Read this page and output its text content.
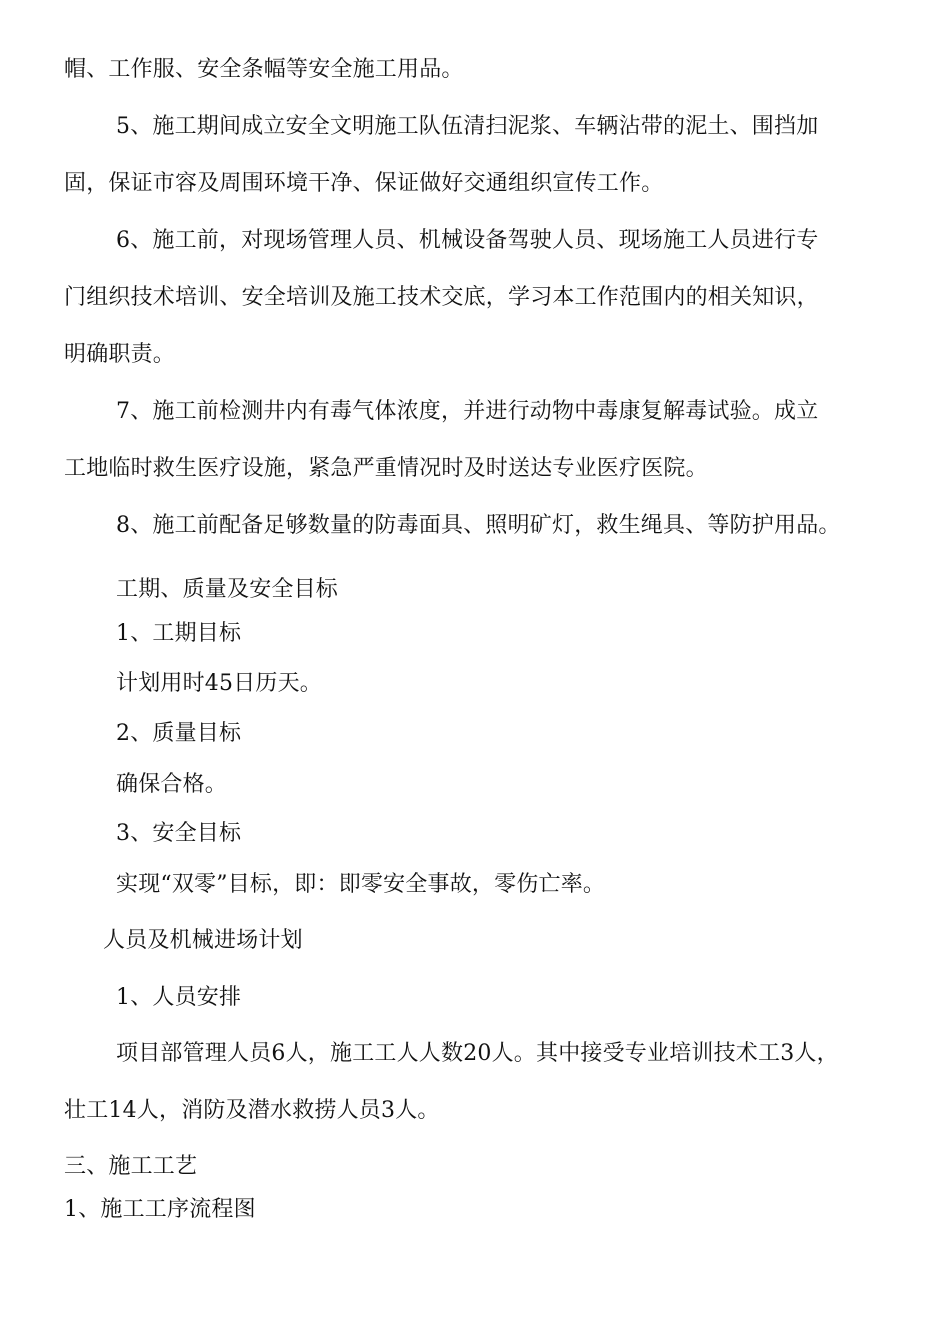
帽、工作服、安全条幅等安全施工用品。
5、施工期间成立安全文明施工队伍清扫泥浆、车辆沾带的泥土、围挡加
固，保证市容及周围环境干净、保证做好交通组织宣传工作。
6、施工前，对现场管理人员、机械设备驾驶人员、现场施工人员进行专
门组织技术培训、安全培训及施工技术交底，学习本工作范围内的相关知识，
明确职责。
7、施工前检测井内有毒气体浓度，并进行动物中毒康复解毒试验。成立
工地临时救生医疗设施，紧急严重情况时及时送达专业医疗医院。
8、施工前配备足够数量的防毒面具、照明矿灯，救生绳具、等防护用品。
工期、质量及安全目标
1、工期目标
计划用时45日历天。
2、质量目标
确保合格。
3、安全目标
实现“双零”目标，即：即零安全事故，零伤亡率。
人员及机械进场计划
1、人员安排
项目部管理人员6人，施工工人人数20人。其中接受专业培训技术工3人，
壮工14人，消防及潜水救捞人员3人。
三、施工工艺
1、施工工序流程图
